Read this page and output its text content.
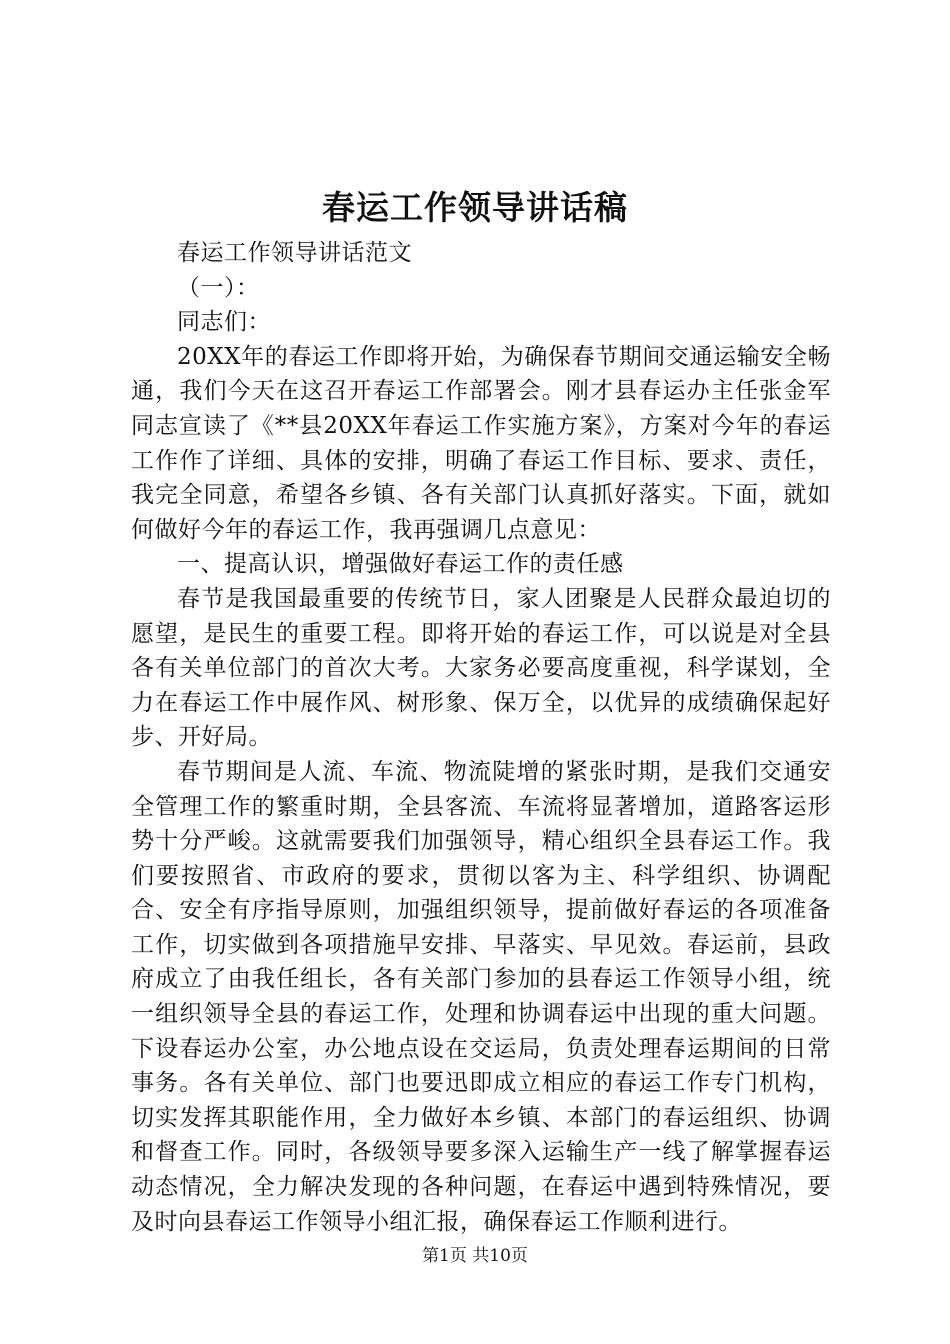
春运工作领导讲话稿

春运工作领导讲话范文

（一）：

同志们：

20XX年的春运工作即将开始，为确保春节期间交通运输安全畅通，我们今天在这召开春运工作部署会。刚才县春运办主任张金军同志宣读了《**县20XX年春运工作实施方案》，方案对今年的春运工作作了详细、具体的安排，明确了春运工作目标、要求、责任，我完全同意，希望各乡镇、各有关部门认真抓好落实。下面，就如何做好今年的春运工作，我再强调几点意见：

一、提高认识，增强做好春运工作的责任感

春节是我国最重要的传统节日，家人团聚是人民群众最迫切的愿望，是民生的重要工程。即将开始的春运工作，可以说是对全县各有关单位部门的首次大考。大家务必要高度重视，科学谋划，全力在春运工作中展作风、树形象、保万全，以优异的成绩确保起好步、开好局。

春节期间是人流、车流、物流陡增的紧张时期，是我们交通安全管理工作的繁重时期，全县客流、车流将显著增加，道路客运形势十分严峻。这就需要我们加强领导，精心组织全县春运工作。我们要按照省、市政府的要求，贯彻以客为主、科学组织、协调配合、安全有序指导原则，加强组织领导，提前做好春运的各项准备工作，切实做到各项措施早安排、早落实、早见效。春运前，县政府成立了由我任组长，各有关部门参加的县春运工作领导小组，统一组织领导全县的春运工作，处理和协调春运中出现的重大问题。下设春运办公室，办公地点设在交运局，负责处理春运期间的日常事务。各有关单位、部门也要迅即成立相应的春运工作专门机构，切实发挥其职能作用，全力做好本乡镇、本部门的春运组织、协调和督查工作。同时，各级领导要多深入运输生产一线了解掌握春运动态情况，全力解决发现的各种问题，在春运中遇到特殊情况，要及时向县春运工作领导小组汇报，确保春运工作顺利进行。

第1页 共10页
